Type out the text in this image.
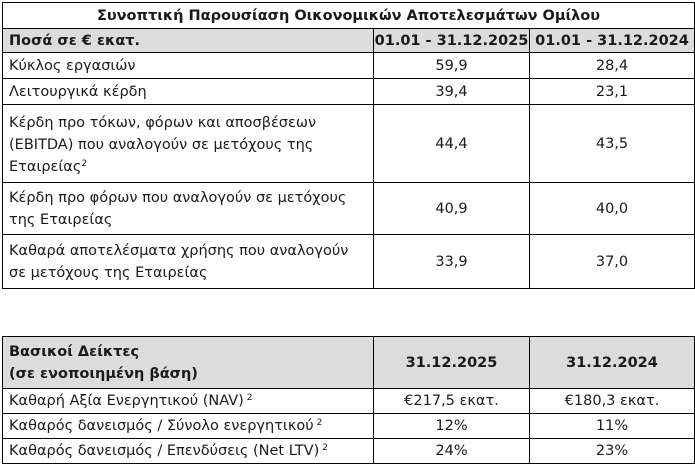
Συνοπτική Παρουσίαση Οικονομικών Αποτελεσμάτων Ομίλου		
Ποσά σε € εκατ.	01.01 - 31.12.2025	01.01 - 31.12.2024
Κύκλος εργασιών	59,9	28,4
Λειτουργικά κέρδη	39,4	23,1
Κέρδη προ τόκων, φόρων και αποσβέσεων (EBITDA) που αναλογούν σε μετόχους της Εταιρείας$^2$	44,4	43,5
Κέρδη προ φόρων που αναλογούν σε μετόχους της Εταιρείας	40,9	40,0
Καθαρά αποτελέσματα χρήσης που αναλογούν σε μετόχους της Εταιρείας	33,9	37,0
Βασικοί Δείκτες
(σε ενοποιημένη βάση)	31.12.2025	31.12.2024
Καθαρή Αξία Ενεργητικού (NAV) $^2$	€217,5 εκατ.	€180,3 εκατ.
Καθαρός δανεισμός / Σύνολο ενεργητικού $^2$	12%	11%
Καθαρός δανεισμός / Επενδύσεις (Net LTV) $^2$	24%	23%
